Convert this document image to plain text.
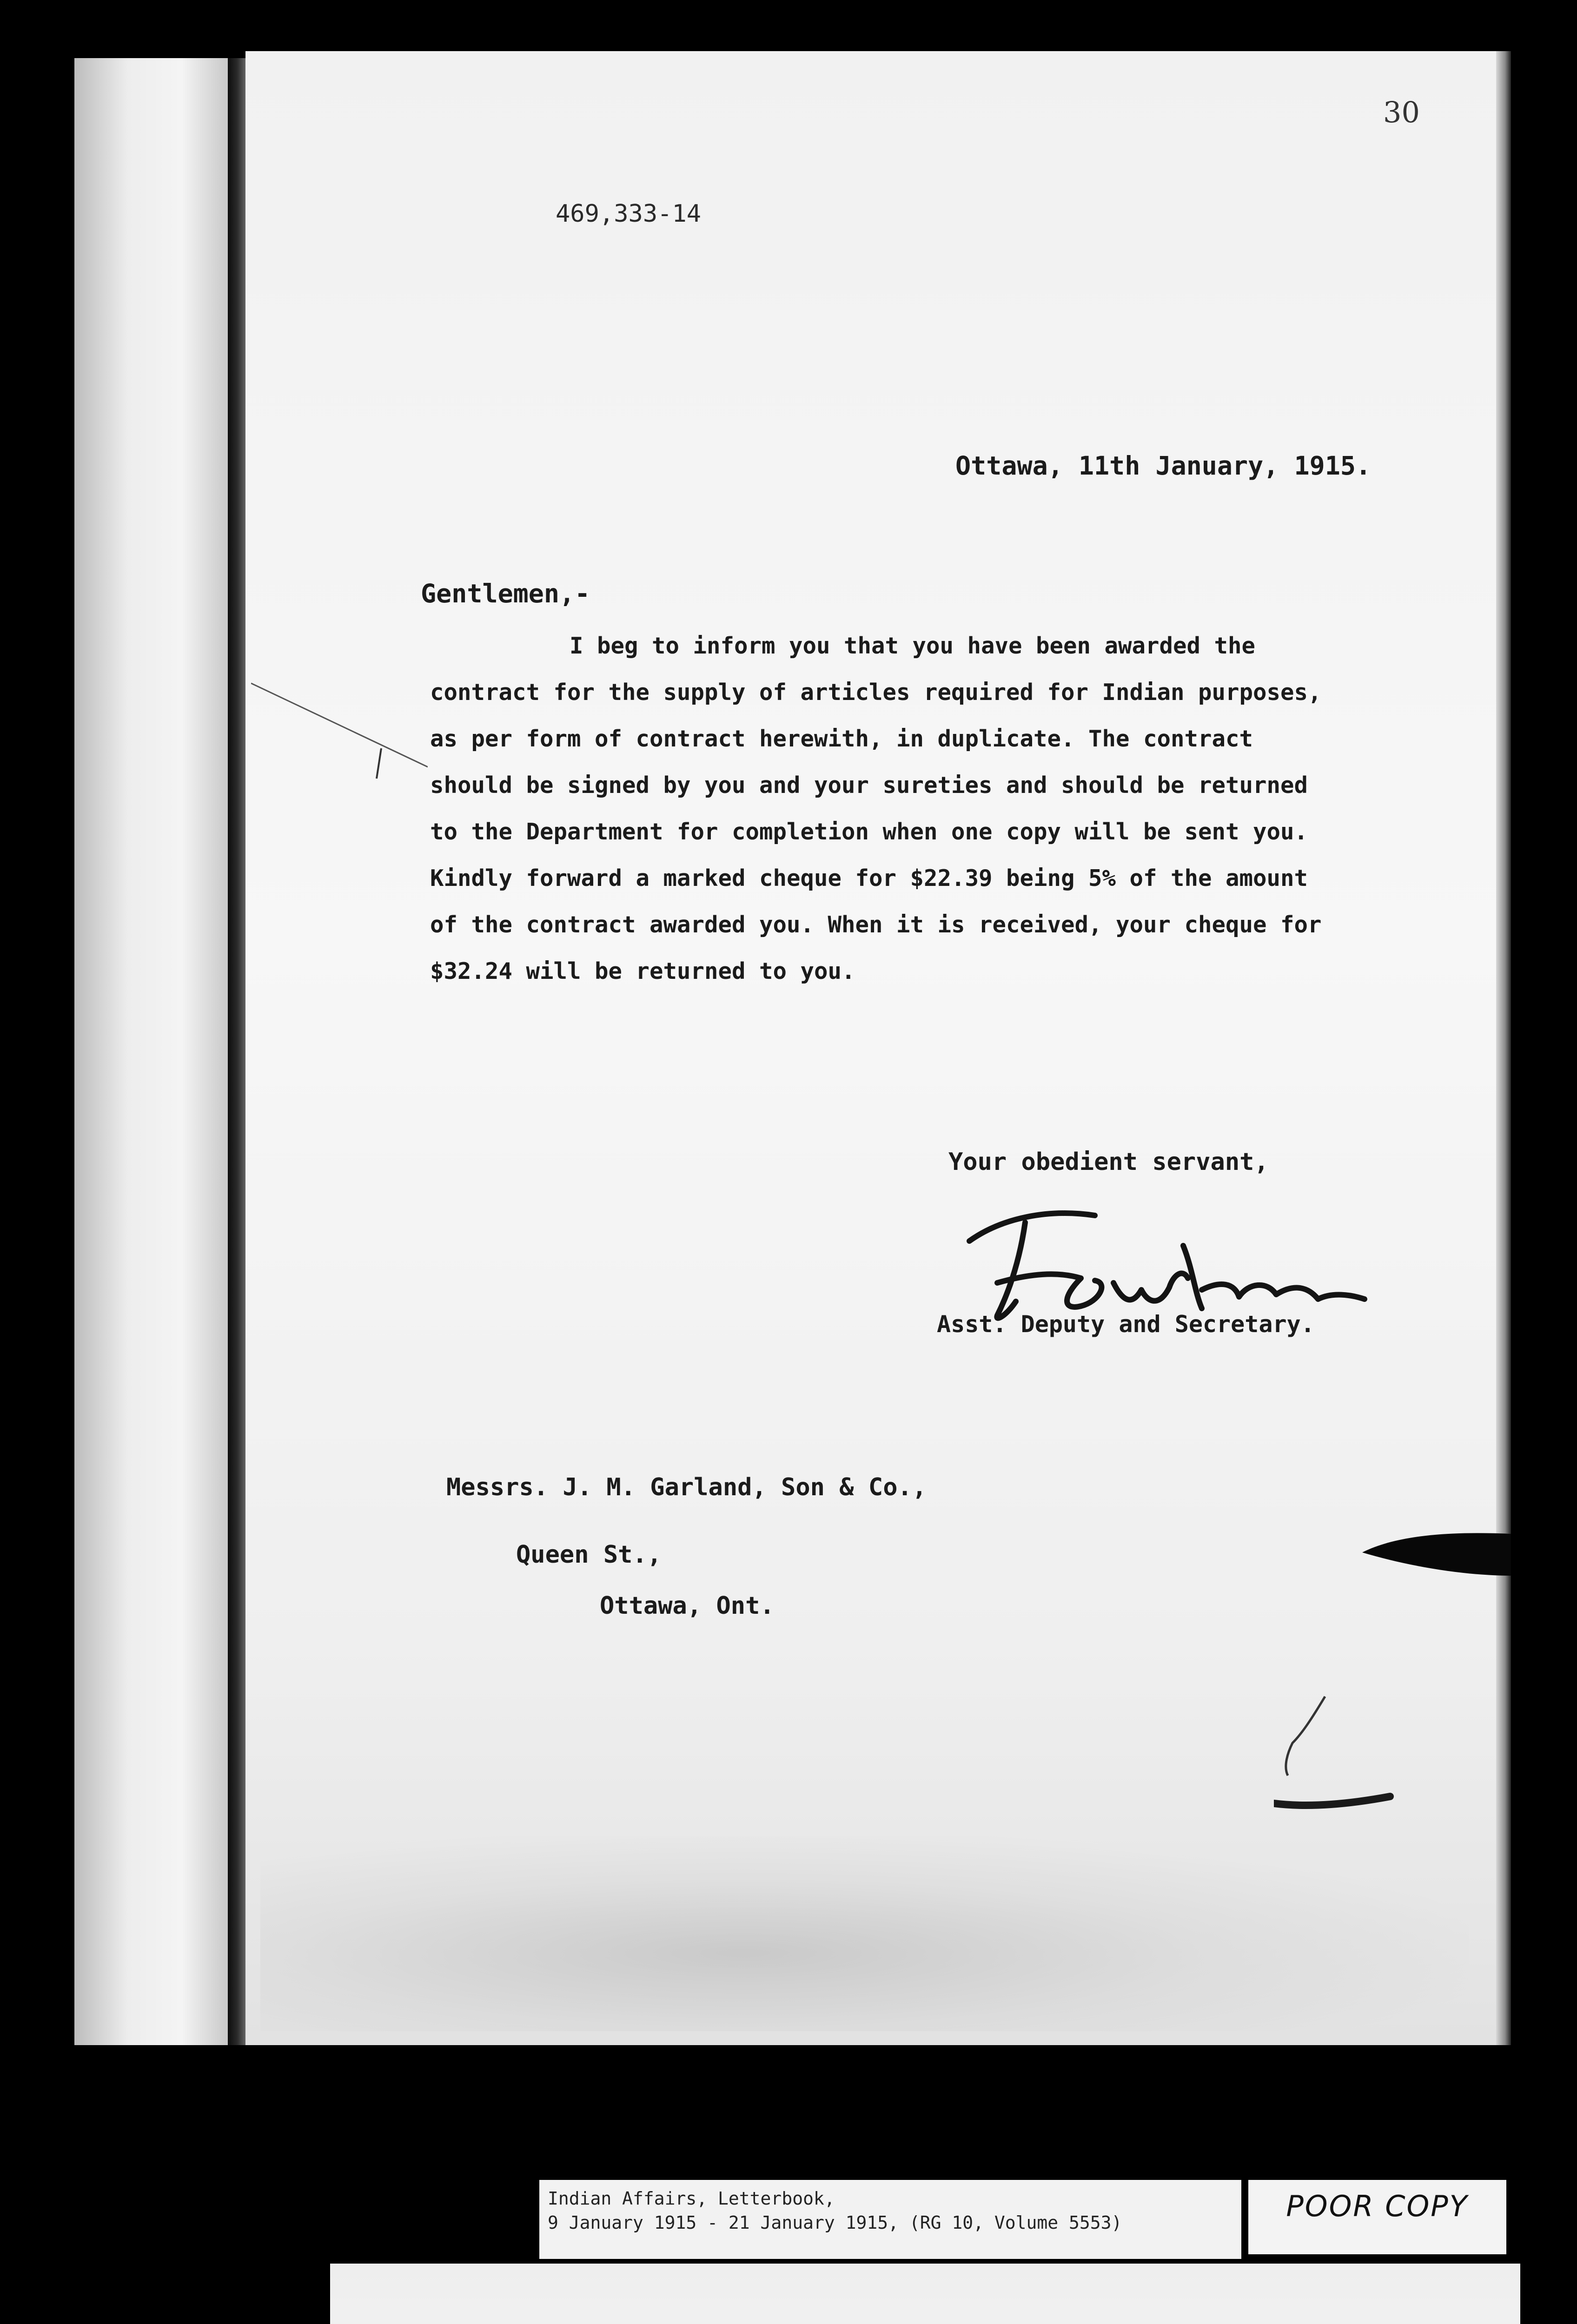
30
469,333-14
Ottawa, 11th January, 1915.
Gentlemen,-
I beg to inform you that you have been awarded the
contract for the supply of articles required for Indian purposes,
as per form of contract herewith, in duplicate. The contract
should be signed by you and your sureties and should be returned
to the Department for completion when one copy will be sent you.
Kindly forward a marked cheque for $22.39 being 5% of the amount
of the contract awarded you. When it is received, your cheque for
$32.24 will be returned to you.
Your obedient servant,
Asst. Deputy and Secretary.
Messrs. J. M. Garland, Son & Co.,
Queen St.,
Ottawa, Ont.
Indian Affairs, Letterbook,
9 January 1915 - 21 January 1915, (RG 10, Volume 5553)	POOR COPY
